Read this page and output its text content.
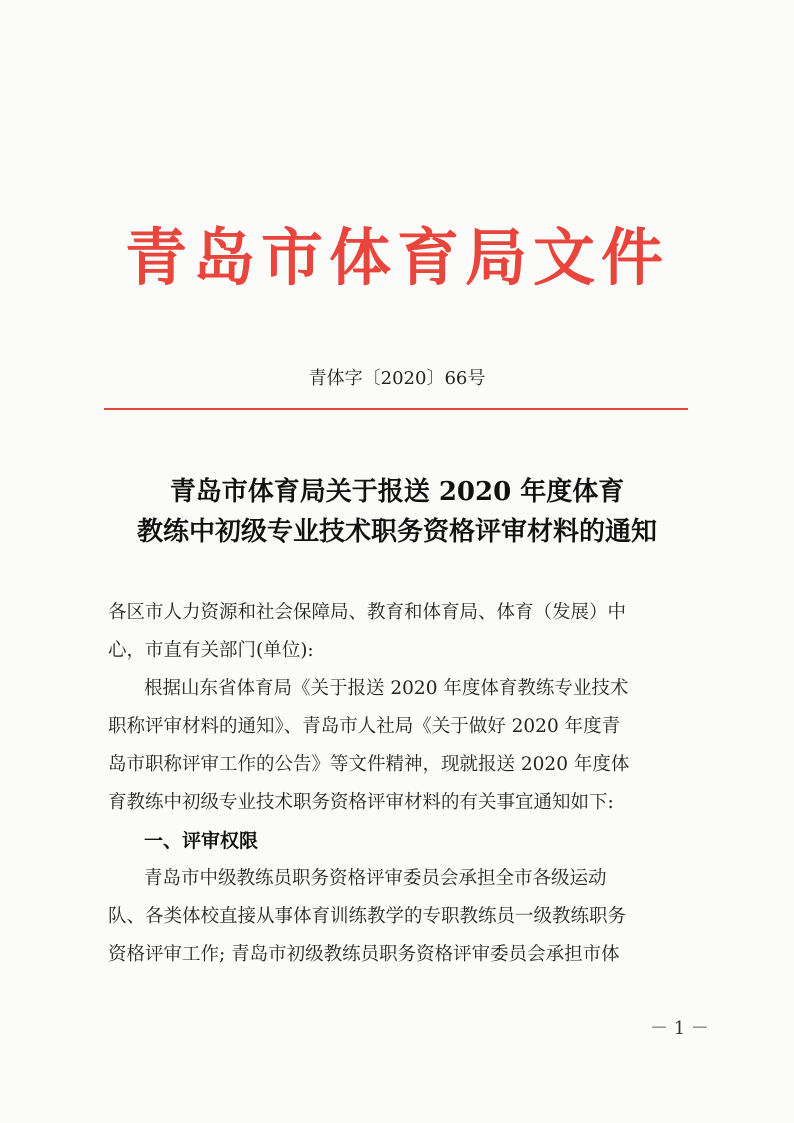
青岛市体育局文件
青体字〔2020〕66号
青岛市体育局关于报送 2020 年度体育
教练中初级专业技术职务资格评审材料的通知
各区市人力资源和社会保障局、教育和体育局、体育（发展）中
心，市直有关部门(单位):
根据山东省体育局《关于报送 2020 年度体育教练专业技术
职称评审材料的通知》、青岛市人社局《关于做好 2020 年度青
岛市职称评审工作的公告》等文件精神，现就报送 2020 年度体
育教练中初级专业技术职务资格评审材料的有关事宜通知如下:
一、评审权限
青岛市中级教练员职务资格评审委员会承担全市各级运动
队、各类体校直接从事体育训练教学的专职教练员一级教练职务
资格评审工作; 青岛市初级教练员职务资格评审委员会承担市体
－ 1 －
